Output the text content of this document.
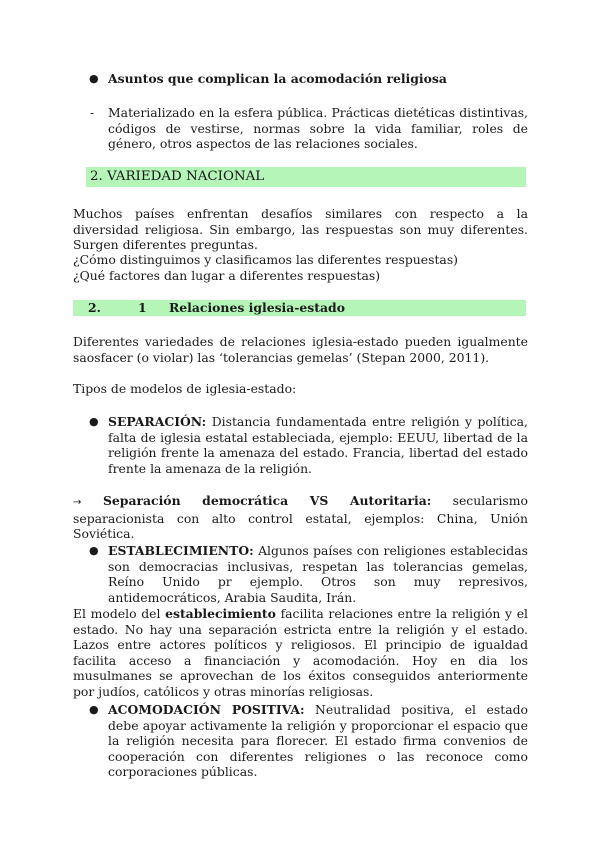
● Asuntos que complican la acomodación religiosa

- Materializado en la esfera pública. Prácticas dietéticas distintivas, códigos de vestirse, normas sobre la vida familiar, roles de género, otros aspectos de las relaciones sociales.

2. VARIEDAD NACIONAL

Muchos países enfrentan desafíos similares con respecto a la diversidad religiosa. Sin embargo, las respuestas son muy diferentes. Surgen diferentes preguntas.

¿Cómo distinguimos y clasificamos las diferentes respuestas)

¿Qué factores dan lugar a diferentes respuestas)

2.	1 Relaciones iglesia-estado

Diferentes variedades de relaciones iglesia-estado pueden igualmente saosfacer (o violar) las ‘tolerancias gemelas’ (Stepan 2000, 2011).

Tipos de modelos de iglesia-estado:

● SEPARACIÓN: Distancia fundamentada entre religión y política, falta de iglesia estatal estableciada, ejemplo: EEUU, libertad de la religión frente la amenaza del estado. Francia, libertad del estado frente la amenaza de la religión.

→ Separación democrática VS Autoritaria: secularismo separacionista con alto control estatal, ejemplos: China, Unión Soviética.

● ESTABLECIMIENTO: Algunos países con religiones establecidas son democracias inclusivas, respetan las tolerancias gemelas, Reíno Unido pr ejemplo. Otros son muy represivos, antidemocráticos, Arabia Saudita, Irán.

El modelo del establecimiento facilita relaciones entre la religión y el estado. No hay una separación estricta entre la religión y el estado. Lazos entre actores políticos y religiosos. El principio de igualdad facilita acceso a financiación y acomodación. Hoy en dia los musulmanes se aprovechan de los éxitos conseguidos anteriormente por judíos, católicos y otras minorías religiosas.

● ACOMODACIÓN POSITIVA: Neutralidad positiva, el estado debe apoyar activamente la religión y proporcionar el espacio que la religión necesita para florecer. El estado firma convenios de cooperación con diferentes religiones o las reconoce como corporaciones públicas.
